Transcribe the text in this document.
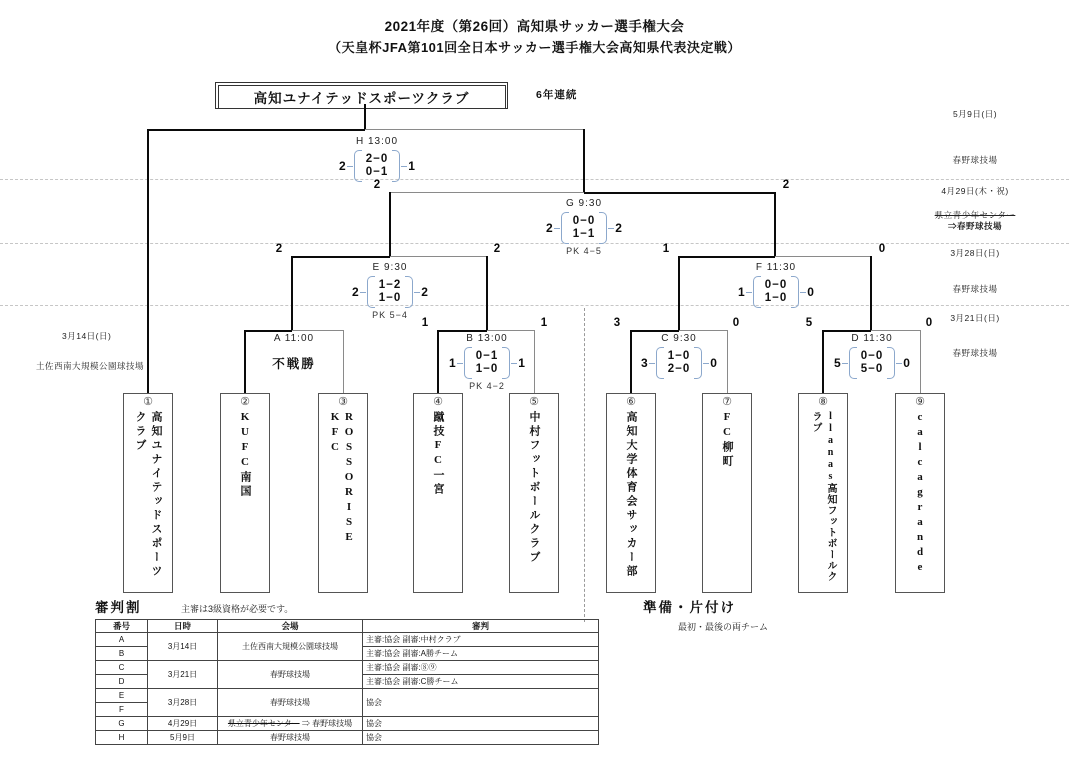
2021年度（第26回）高知県サッカー選手権大会
（天皇杯JFA第101回全日本サッカー選手権大会高知県代表決定戦）
高知ユナイテッドスポーツクラブ	6年連続
H 13:00
2 2−0
0−1 1
G 9:30
2 0−0
1−1 2
PK 4−5
E 9:30
2 1−2
1−0 2
PK 5−4
F 11:30
1 0−0
1−0 0
A 11:00
不戦勝
B 13:00
1 0−1
1−0 1
PK 4−2
C 9:30
3 1−0
2−0 0
D 11:30
5 0−0
5−0 0
2	2
2	2	1	0
1	1	3	0	5	0
5月9日(日)
春野球技場
4月29日(木・祝)
県立青少年センター
⇒春野球技場
3月28日(日)
春野球技場
3月21日(日)
春野球技場
3月14日(日)
土佐西南大規模公園球技場
①
高知ユナイテッドスポーツクラブ
②
KUFC南国
③
ROSSORISE　KFC
④
蹴技FC一宮
⑤
中村フットボールクラブ
⑥
高知大学体育会サッカー部
⑦
FC柳町
⑧
llanas高知フットボールクラブ
⑨
calcagrande
審判割	主審は3級資格が必要です。
番号	日時	会場	審判
A	3月14日	土佐西南大規模公園球技場	主審:協会 副審:中村クラブ
B			主審:協会 副審:A勝チーム
C	3月21日	春野球技場	主審:協会 副審:⑧⑨
D			主審:協会 副審:C勝チーム
E	3月28日	春野球技場	協会
F			
G	4月29日	県立青少年センター ⇒ 春野球技場	協会
H	5月9日	春野球技場	協会
準備・片付け
最初・最後の両チーム
